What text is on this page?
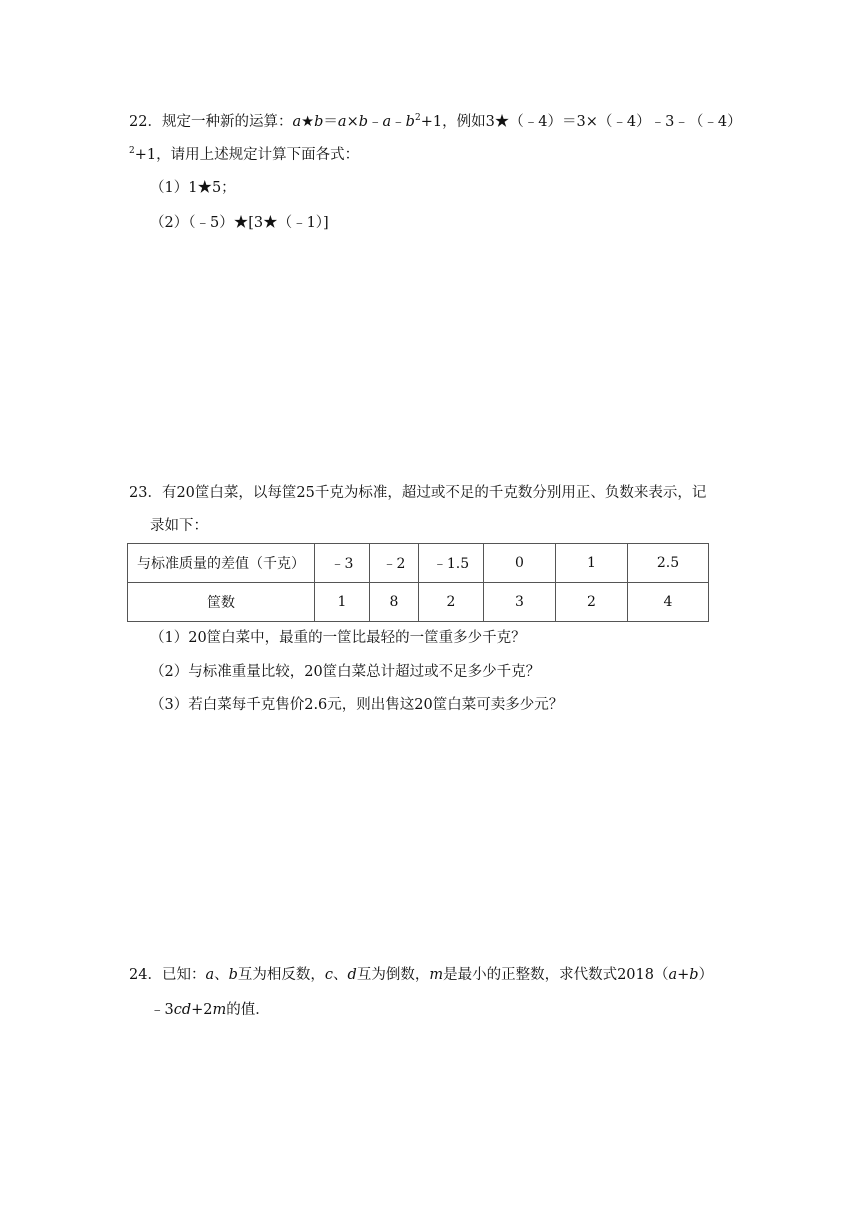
22．规定一种新的运算：$a★b=a\times b﹣a﹣b^2+1$，例如3★（﹣4）＝3×（﹣4）﹣3﹣（﹣4）
$^2$+1，请用上述规定计算下面各式：
（1）1★5；
（2）（﹣5）★[3★（﹣1）]
23．有20筐白菜，以每筐25千克为标准，超过或不足的千克数分别用正、负数来表示，记
录如下：
与标准质量的差值（千克）	﹣3	﹣2	﹣1.5	0	1	2.5
筐数	1	8	2	3	2	4
（1）20筐白菜中，最重的一筐比最轻的一筐重多少千克？
（2）与标准重量比较，20筐白菜总计超过或不足多少千克？
（3）若白菜每千克售价2.6元，则出售这20筐白菜可卖多少元？
24．已知：a、b互为相反数，c、d互为倒数，m是最小的正整数，求代数式2018（a+b）
﹣3cd+2m的值．
